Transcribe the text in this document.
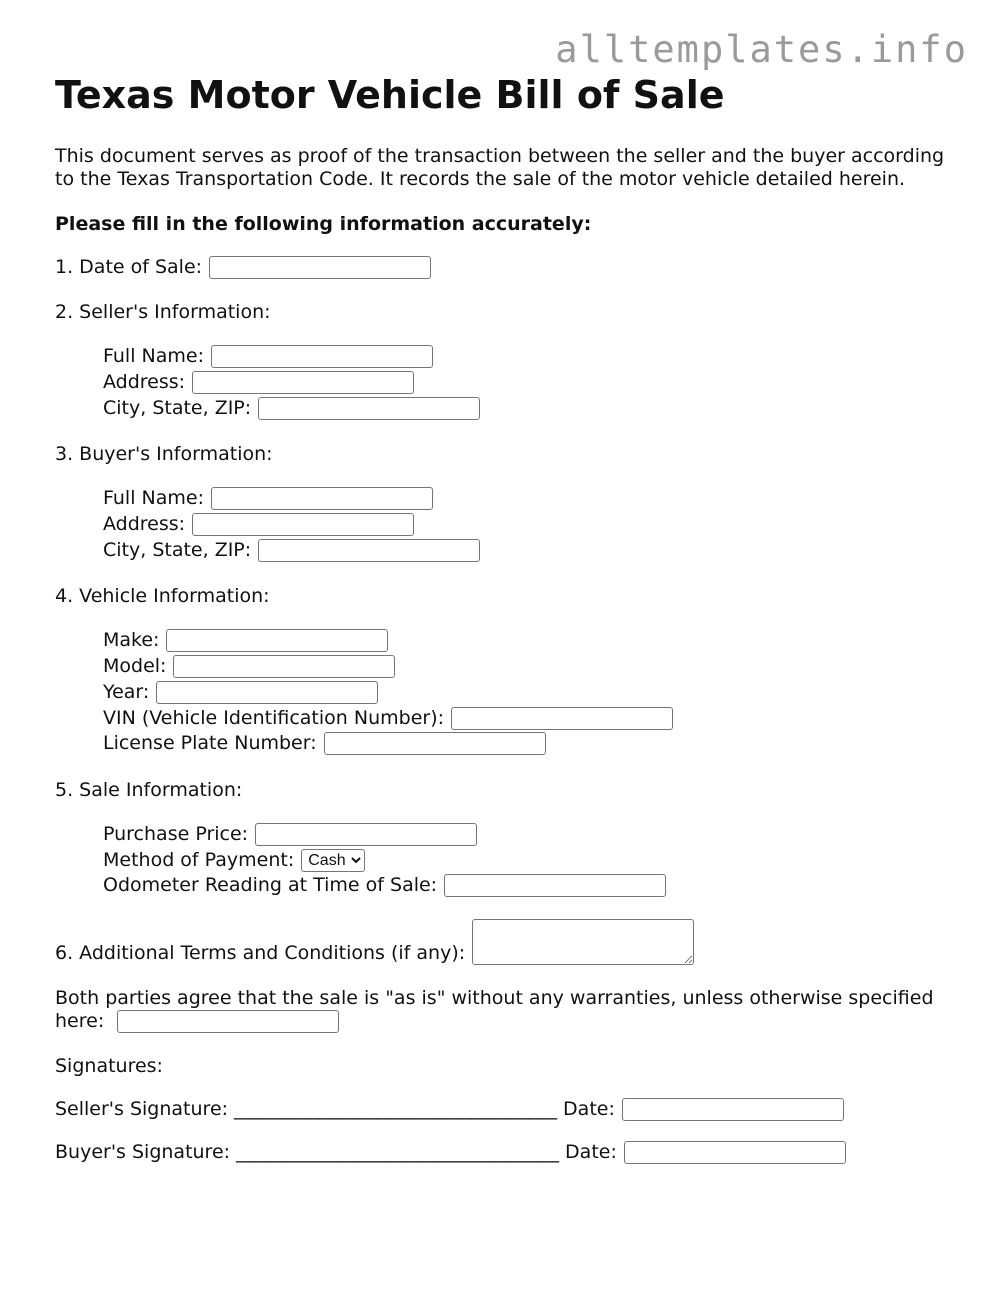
alltemplates.info
Texas Motor Vehicle Bill of Sale

This document serves as proof of the transaction between the seller and the buyer according to the Texas Transportation Code. It records the sale of the motor vehicle detailed herein.

Please fill in the following information accurately:

1. Date of Sale:
2. Seller's Information:
Full Name:
Address:
City, State, ZIP:
3. Buyer's Information:
Full Name:
Address:
City, State, ZIP:
4. Vehicle Information:
Make:
Model:
Year:
VIN (Vehicle Identification Number):
License Plate Number:
5. Sale Information:
Purchase Price:
Method of Payment:
Cash
Odometer Reading at Time of Sale:
6. Additional Terms and Conditions (if any):

Both parties agree that the sale is "as is" without any warranties, unless otherwise specified here:

Signatures:
Seller's Signature: __________________________________ Date:
Buyer's Signature: __________________________________ Date:
